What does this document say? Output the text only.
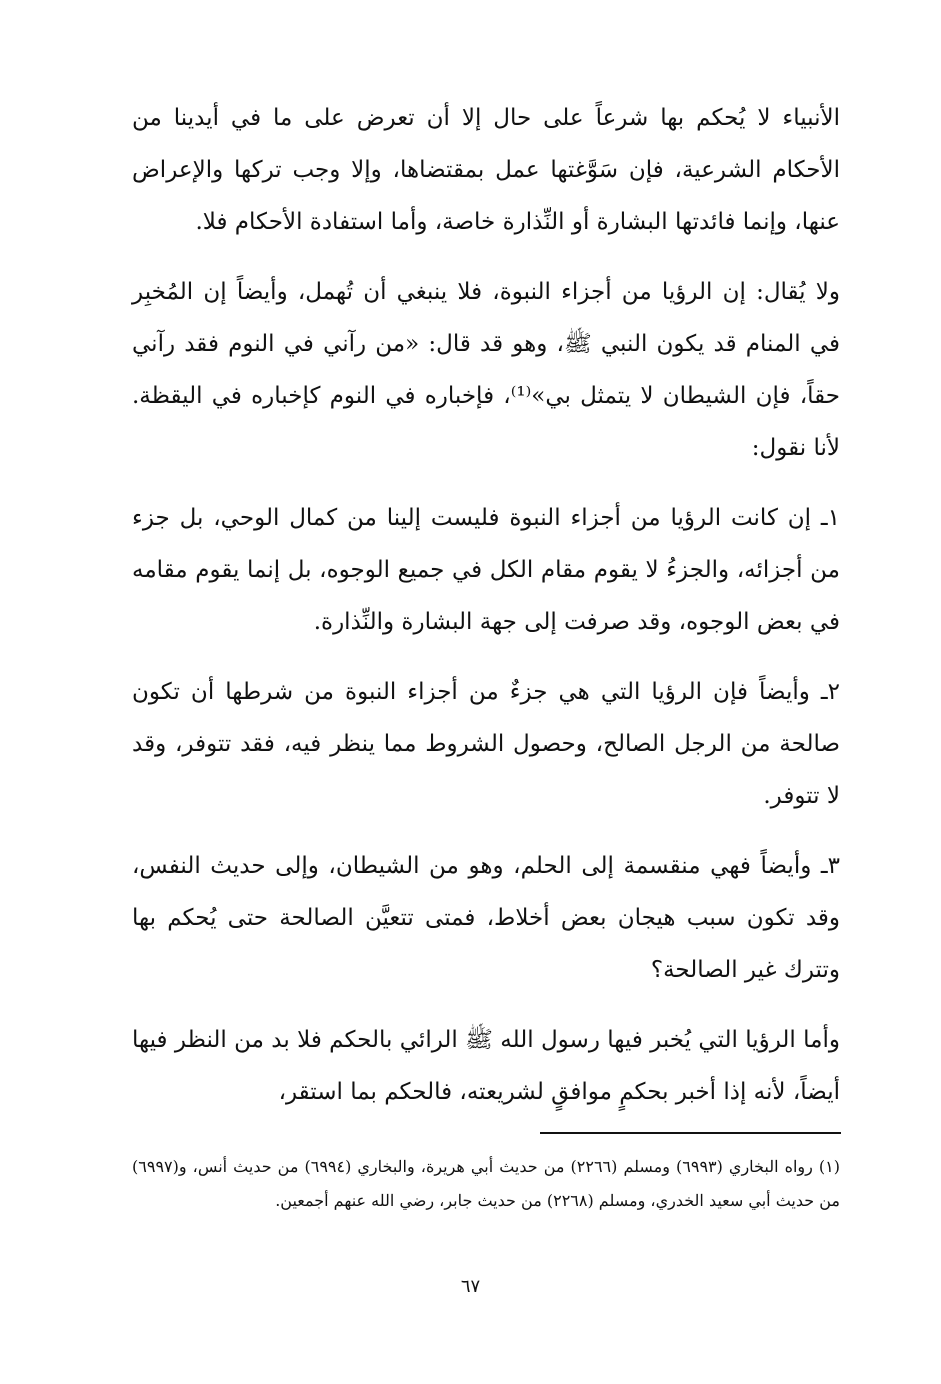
الأنبياء لا يُحكم بها شرعاً على حال إلا أن تعرض على ما في أيدينا من الأحكام الشرعية، فإن سَوَّغتها عمل بمقتضاها، وإلا وجب تركها والإعراض عنها، وإنما فائدتها البشارة أو النِّذارة خاصة، وأما استفادة الأحكام فلا.

ولا يُقال: إن الرؤيا من أجزاء النبوة، فلا ينبغي أن تُهمل، وأيضاً إن المُخبِر في المنام قد يكون النبي ﷺ، وهو قد قال: «من رآني في النوم فقد رآني حقاً، فإن الشيطان لا يتمثل بي»⁽¹⁾، فإخباره في النوم كإخباره في اليقظة. لأنا نقول:

١ـ إن كانت الرؤيا من أجزاء النبوة فليست إلينا من كمال الوحي، بل جزء من أجزائه، والجزءُ لا يقوم مقام الكل في جميع الوجوه، بل إنما يقوم مقامه في بعض الوجوه، وقد صرفت إلى جهة البشارة والنِّذارة.

٢ـ وأيضاً فإن الرؤيا التي هي جزءٌ من أجزاء النبوة من شرطها أن تكون صالحة من الرجل الصالح، وحصول الشروط مما ينظر فيه، فقد تتوفر، وقد لا تتوفر.

٣ـ وأيضاً فهي منقسمة إلى الحلم، وهو من الشيطان، وإلى حديث النفس، وقد تكون سبب هيجان بعض أخلاط، فمتى تتعيَّن الصالحة حتى يُحكم بها وتترك غير الصالحة؟

وأما الرؤيا التي يُخبر فيها رسول الله ﷺ الرائي بالحكم فلا بد من النظر فيها أيضاً، لأنه إذا أخبر بحكمٍ موافقٍ لشريعته، فالحكم بما استقر،

(١) رواه البخاري (٦٩٩٣) ومسلم (٢٢٦٦) من حديث أبي هريرة، والبخاري (٦٩٩٤) من حديث أنس، و(٦٩٩٧) من حديث أبي سعيد الخدري، ومسلم (٢٢٦٨) من حديث جابر، رضي الله عنهم أجمعين.

٦٧
